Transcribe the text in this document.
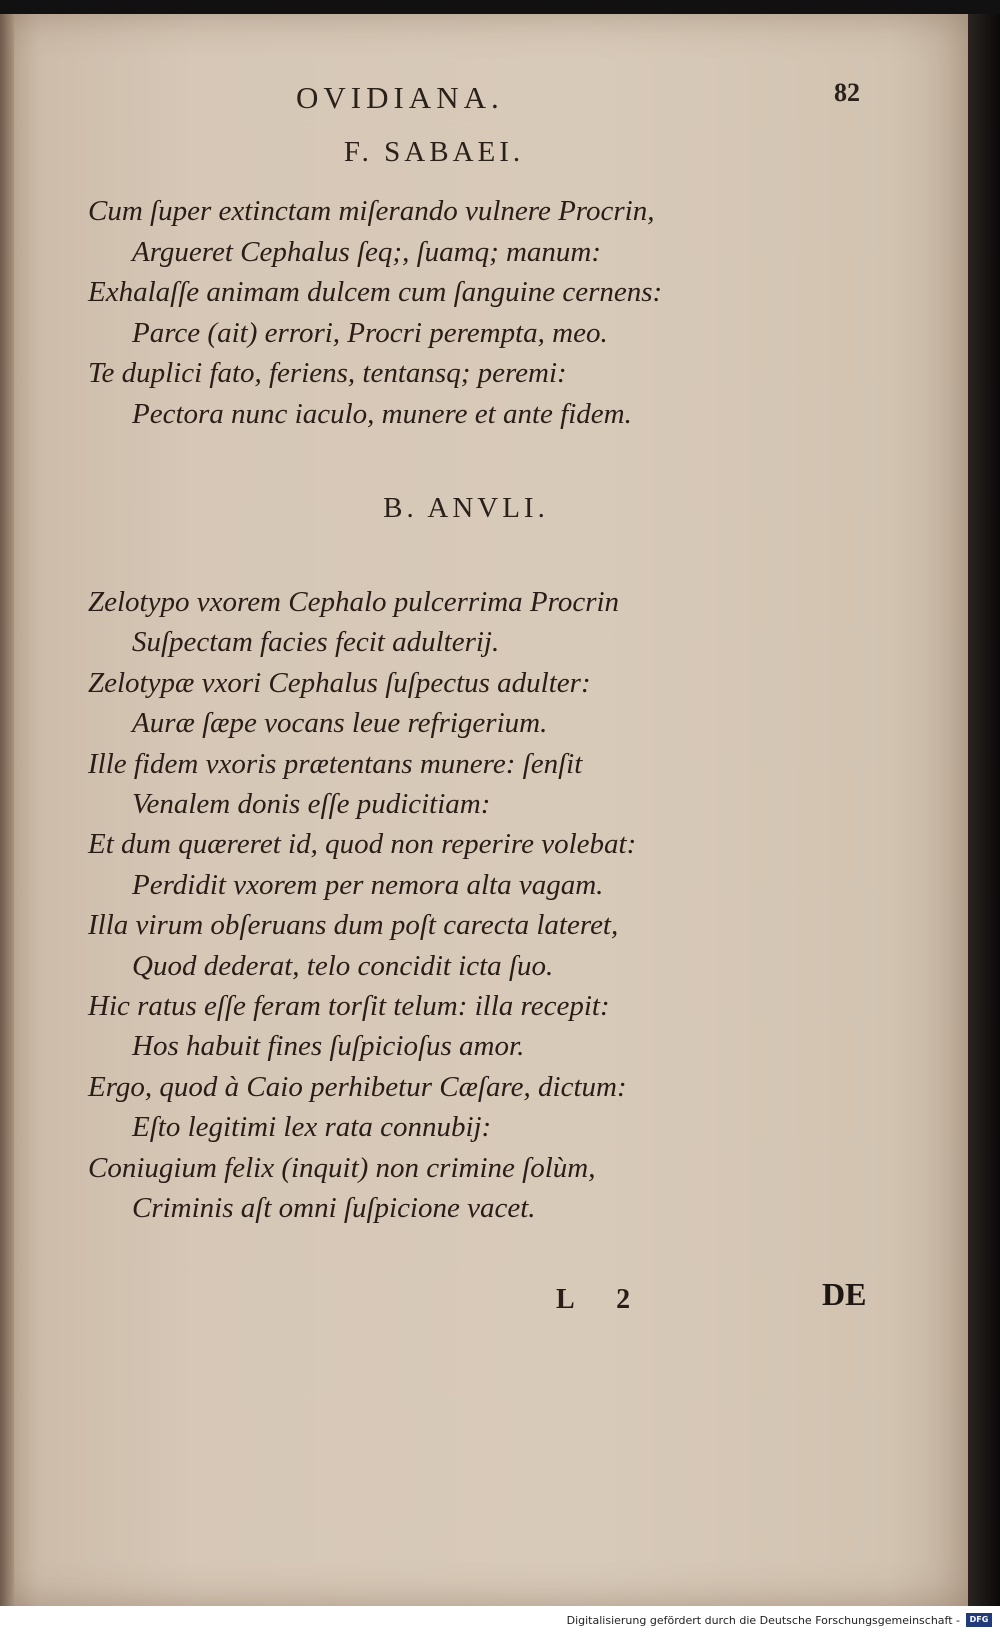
OVIDIANA.	82
F. SABAEI.
Cum ſuper extinctam miſerando vulnere Procrin,
Argueret Cephalus ſeq;, ſuamq; manum:
Exhalaſſe animam dulcem cum ſanguine cernens:
Parce (ait) errori, Procri perempta, meo.
Te duplici fato, feriens, tentansq; peremi:
Pectora nunc iaculo, munere et ante fidem.
B. ANVLI.
Zelotypo vxorem Cephalo pulcerrima Procrin
Suſpectam facies fecit adulterij.
Zelotypæ vxori Cephalus ſuſpectus adulter:
Auræ ſæpe vocans leue refrigerium.
Ille fidem vxoris prætentans munere: ſenſit
Venalem donis eſſe pudicitiam:
Et dum quæreret id, quod non reperire volebat:
Perdidit vxorem per nemora alta vagam.
Illa virum obſeruans dum poſt carecta lateret,
Quod dederat, telo concidit icta ſuo.
Hic ratus eſſe feram torſit telum: illa recepit:
Hos habuit fines ſuſpicioſus amor.
Ergo, quod à Caio perhibetur Cæſare, dictum:
Eſto legitimi lex rata connubij:
Coniugium felix (inquit) non crimine ſolùm,
Criminis aſt omni ſuſpicione vacet.
L 2	DE
Digitalisierung gefördert durch die Deutsche Forschungsgemeinschaft -	DFG
